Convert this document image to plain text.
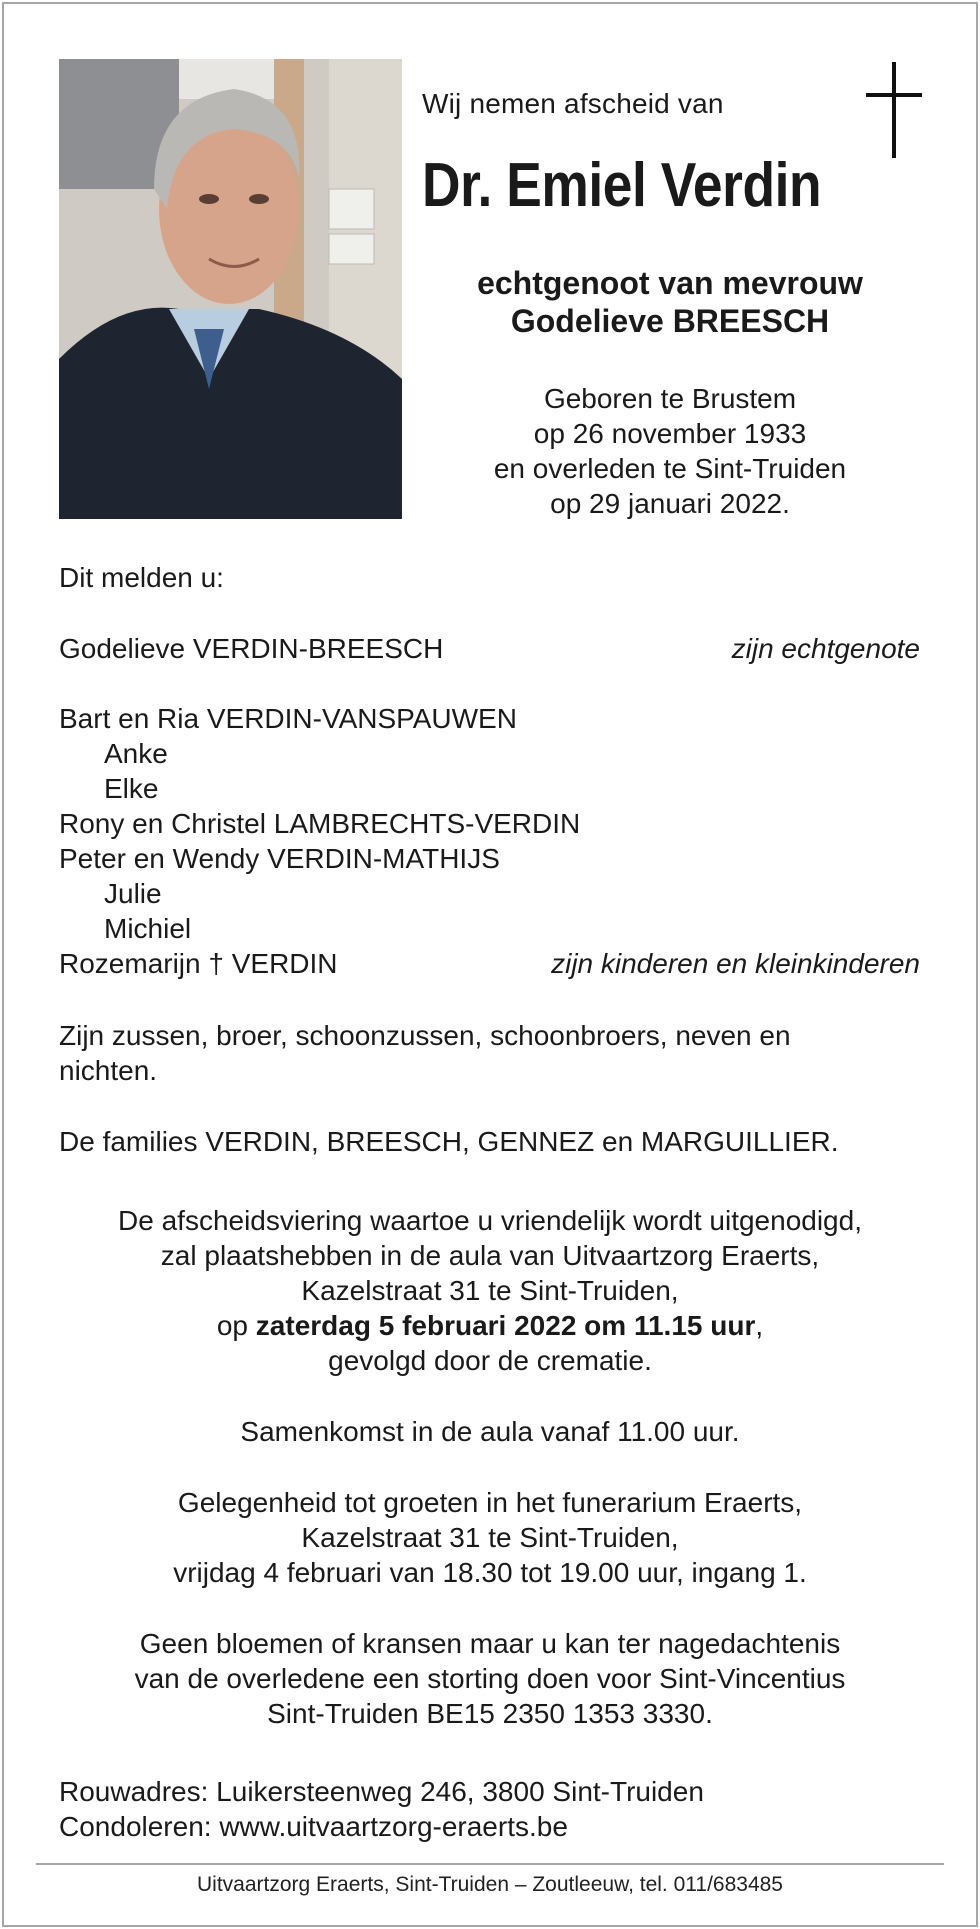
Wij nemen afscheid van
Dr. Emiel Verdin
echtgenoot van mevrouw
Godelieve BREESCH
Geboren te Brustem
op 26 november 1933
en overleden te Sint-Truiden
op 29 januari 2022.
Dit melden u:
Godelieve VERDIN-BREESCH	zijn echtgenote
Bart en Ria VERDIN-VANSPAUWEN
Anke
Elke
Rony en Christel LAMBRECHTS-VERDIN
Peter en Wendy VERDIN-MATHIJS
Julie
Michiel
Rozemarijn † VERDIN	zijn kinderen en kleinkinderen
Zijn zussen, broer, schoonzussen, schoonbroers, neven en
nichten.
De families VERDIN, BREESCH, GENNEZ en MARGUILLIER.
De afscheidsviering waartoe u vriendelijk wordt uitgenodigd,
zal plaatshebben in de aula van Uitvaartzorg Eraerts,
Kazelstraat 31 te Sint-Truiden,
op zaterdag 5 februari 2022 om 11.15 uur,
gevolgd door de crematie.
Samenkomst in de aula vanaf 11.00 uur.
Gelegenheid tot groeten in het funerarium Eraerts,
Kazelstraat 31 te Sint-Truiden,
vrijdag 4 februari van 18.30 tot 19.00 uur, ingang 1.
Geen bloemen of kransen maar u kan ter nagedachtenis
van de overledene een storting doen voor Sint-Vincentius
Sint-Truiden BE15 2350 1353 3330.
Rouwadres: Luikersteenweg 246, 3800 Sint-Truiden
Condoleren: www.uitvaartzorg-eraerts.be
Uitvaartzorg Eraerts, Sint-Truiden – Zoutleeuw, tel. 011/683485
